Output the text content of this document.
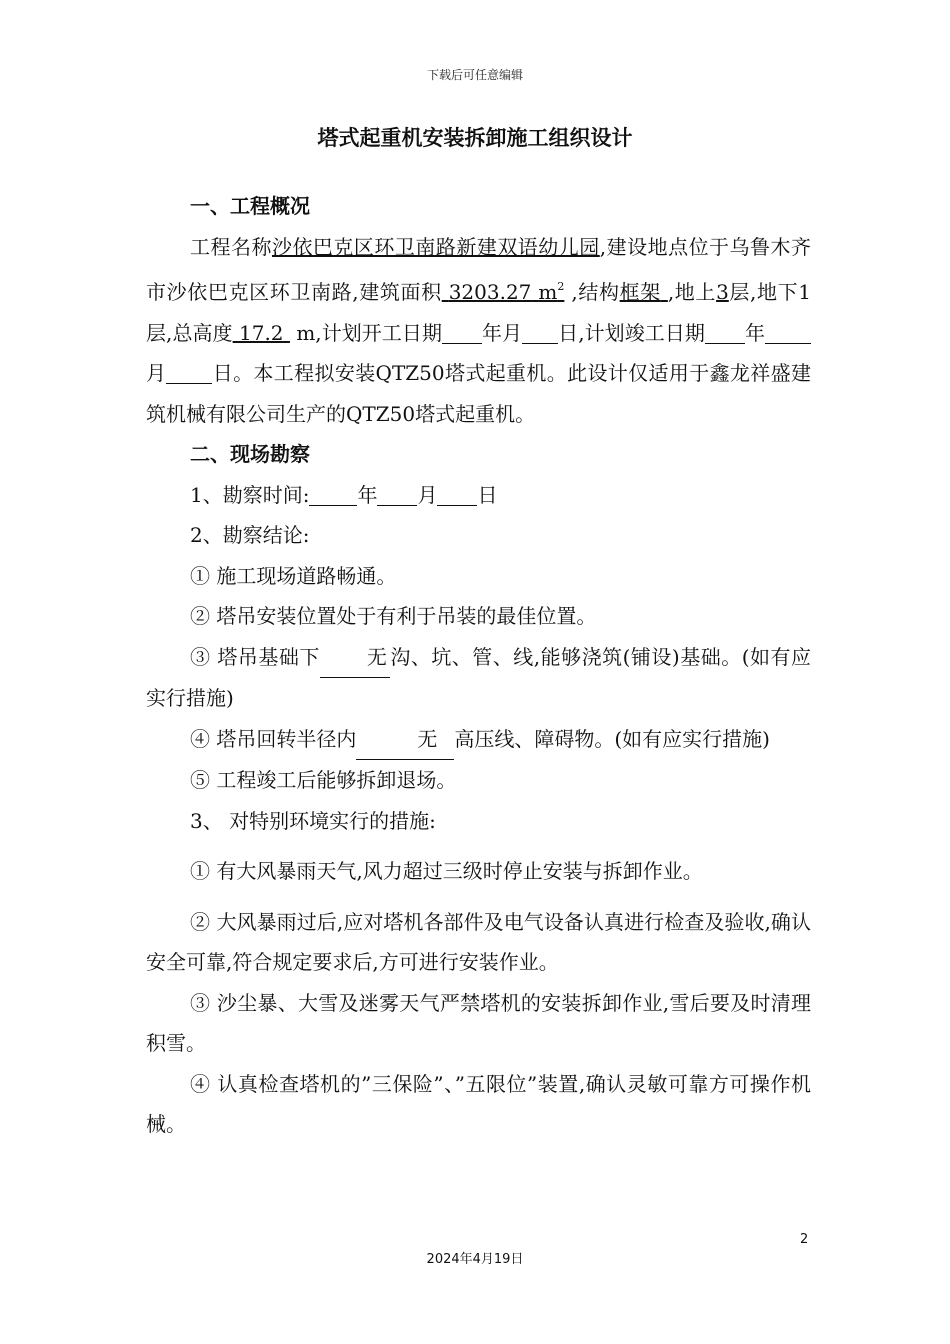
下载后可任意编辑
塔式起重机安装拆卸施工组织设计
一、工程概况
工程名称沙依巴克区环卫南路新建双语幼儿园,建设地点位于乌鲁木齐市沙依巴克区环卫南路,建筑面积 3203.27 $m^2$ ,结构框架 ,地上3层,地下1层,总高度 17.2 m,计划开工日期 年月 日,计划竣工日期 年月 日。本工程拟安装QTZ50塔式起重机。此设计仅适用于鑫龙祥盛建筑机械有限公司生产的QTZ50塔式起重机。
二、现场勘察
1、勘察时间: 年 月 日
2、勘察结论:
① 施工现场道路畅通。
② 塔吊安装位置处于有利于吊装的最佳位置。
③ 塔吊基础下 无 沟、坑、管、线,能够浇筑(铺设)基础。(如有应实行措施)
④ 塔吊回转半径内	无 高压线、障碍物。(如有应实行措施)
⑤ 工程竣工后能够拆卸退场。
3、 对特别环境实行的措施:
① 有大风暴雨天气,风力超过三级时停止安装与拆卸作业。
② 大风暴雨过后,应对塔机各部件及电气设备认真进行检查及验收,确认安全可靠,符合规定要求后,方可进行安装作业。
③ 沙尘暴、大雪及迷雾天气严禁塔机的安装拆卸作业,雪后要及时清理积雪。
④ 认真检查塔机的”三保险”、”五限位”装置,确认灵敏可靠方可操作机械。
2
2024年4月19日
